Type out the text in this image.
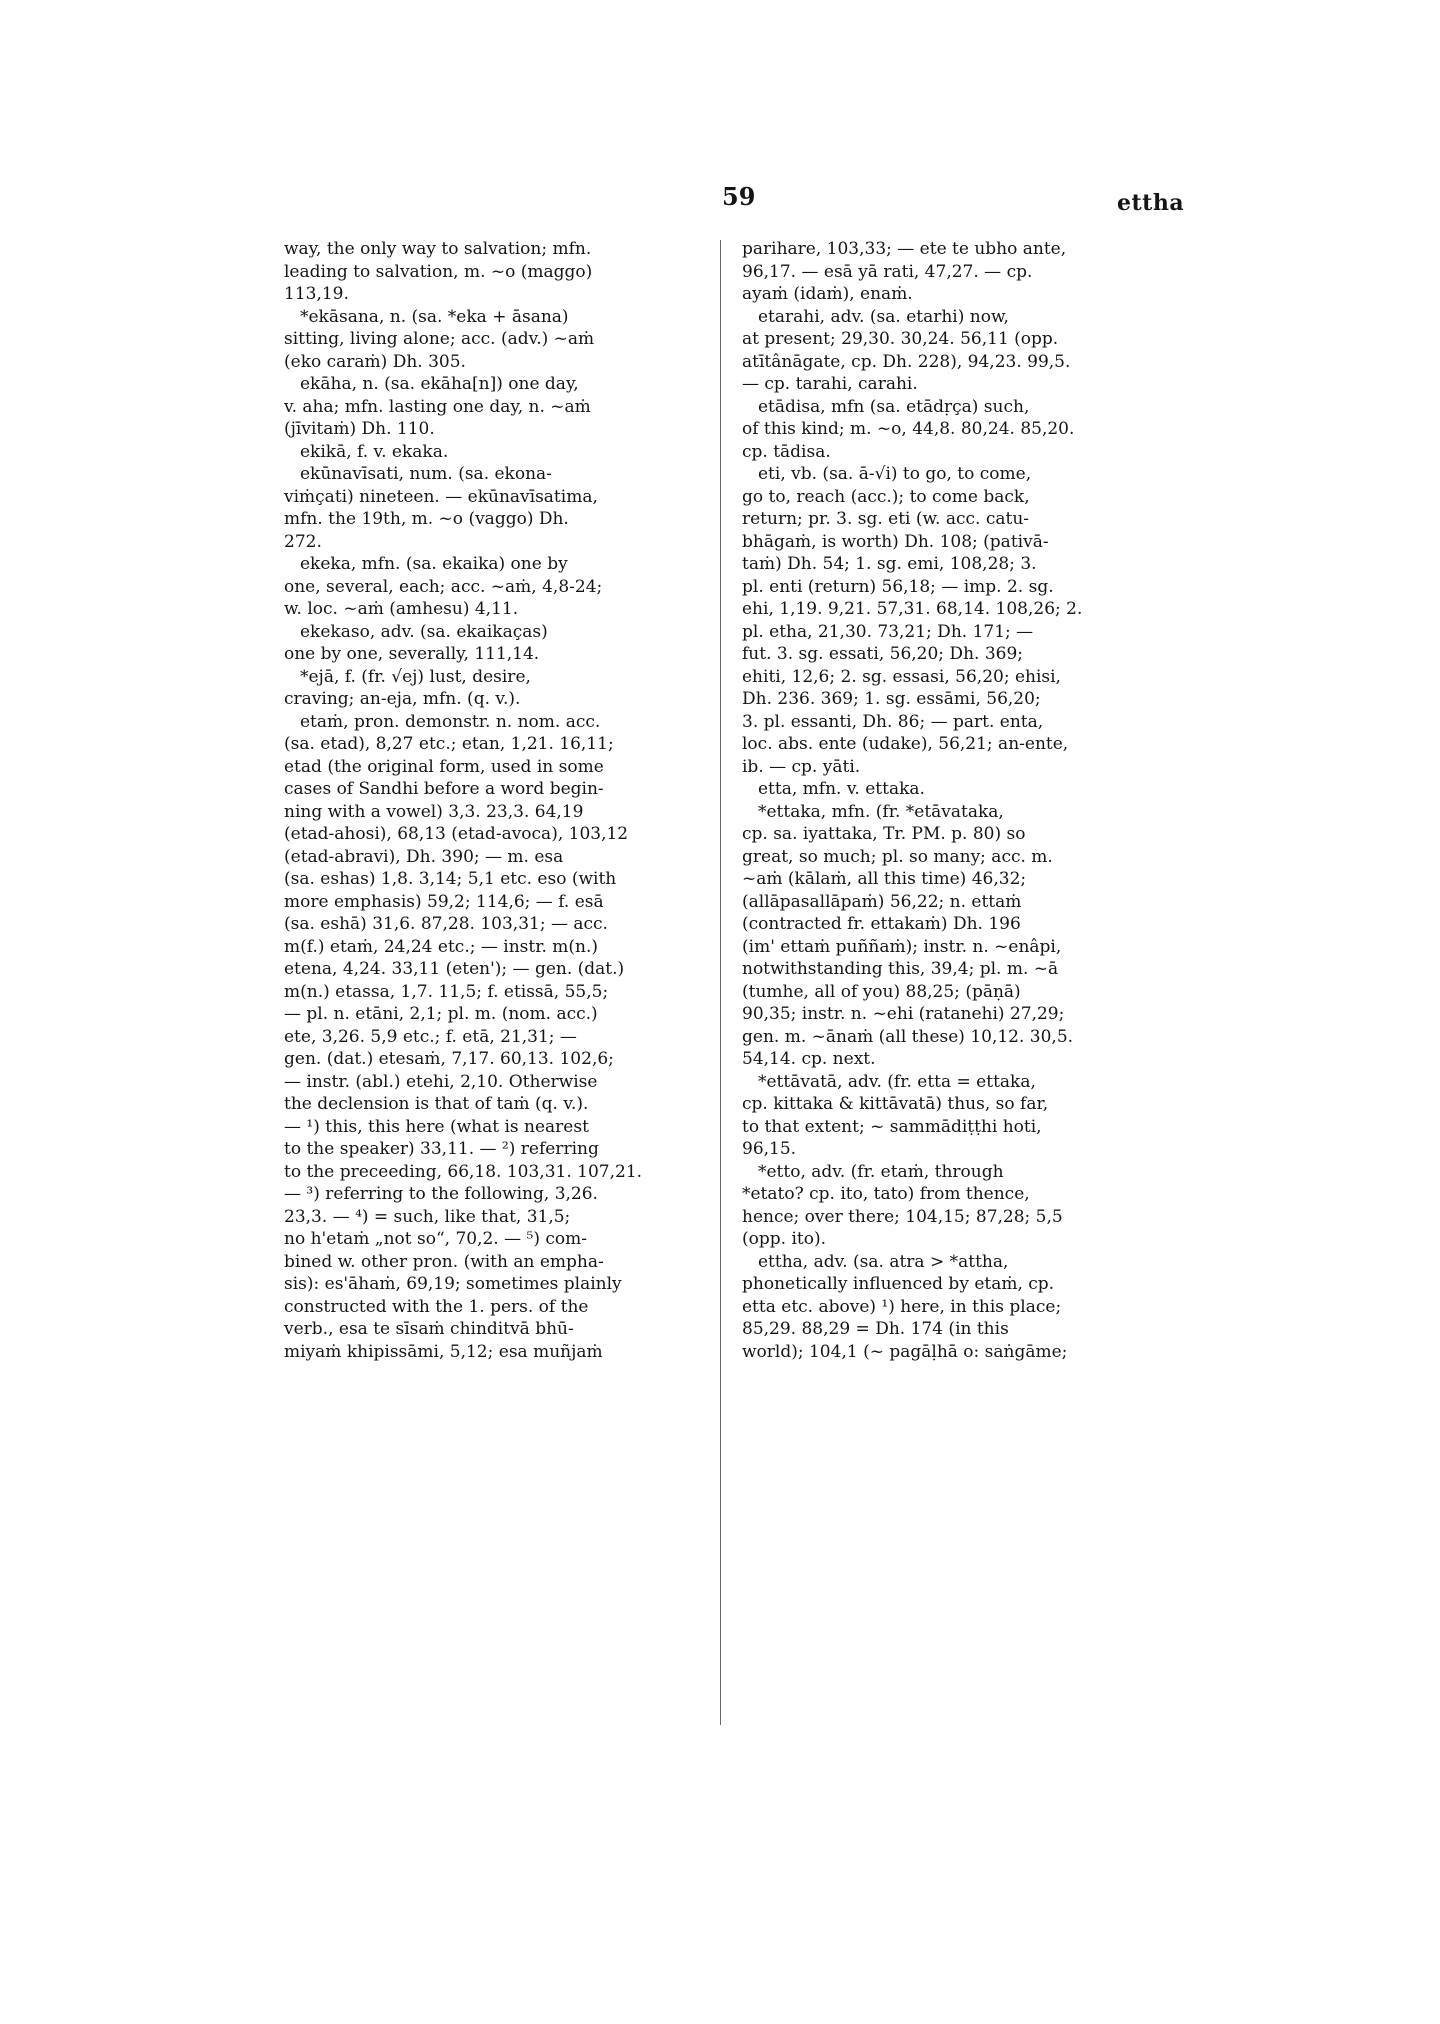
59	ettha
way, the only way to salvation; mfn.
leading to salvation, m. ~o (maggo)
113,19.
*ekāsana, n. (sa. *eka + āsana)
sitting, living alone; acc. (adv.) ~aṁ
(eko caraṁ) Dh. 305.
ekāha, n. (sa. ekāha[n]) one day,
v. aha; mfn. lasting one day, n. ~aṁ
(jīvitaṁ) Dh. 110.
ekikā, f. v. ekaka.
ekūnavīsati, num. (sa. ekona-
viṁçati) nineteen. — ekūnavīsatima,
mfn. the 19th, m. ~o (vaggo) Dh.
272.
ekeka, mfn. (sa. ekaika) one by
one, several, each; acc. ~aṁ, 4,8-24;
w. loc. ~aṁ (amhesu) 4,11.
ekekaso, adv. (sa. ekaikaças)
one by one, severally, 111,14.
*ejā, f. (fr. √ej) lust, desire,
craving; an-eja, mfn. (q. v.).
etaṁ, pron. demonstr. n. nom. acc.
(sa. etad), 8,27 etc.; etan, 1,21. 16,11;
etad (the original form, used in some
cases of Sandhi before a word begin-
ning with a vowel) 3,3. 23,3. 64,19
(etad-ahosi), 68,13 (etad-avoca), 103,12
(etad-abravi), Dh. 390; — m. esa
(sa. eshas) 1,8. 3,14; 5,1 etc. eso (with
more emphasis) 59,2; 114,6; — f. esā
(sa. eshā) 31,6. 87,28. 103,31; — acc.
m(f.) etaṁ, 24,24 etc.; — instr. m(n.)
etena, 4,24. 33,11 (eten'); — gen. (dat.)
m(n.) etassa, 1,7. 11,5; f. etissā, 55,5;
— pl. n. etāni, 2,1; pl. m. (nom. acc.)
ete, 3,26. 5,9 etc.; f. etā, 21,31; —
gen. (dat.) etesaṁ, 7,17. 60,13. 102,6;
— instr. (abl.) etehi, 2,10. Otherwise
the declension is that of taṁ (q. v.).
— ¹) this, this here (what is nearest
to the speaker) 33,11. — ²) referring
to the preceeding, 66,18. 103,31. 107,21.
— ³) referring to the following, 3,26.
23,3. — ⁴) = such, like that, 31,5;
no h'etaṁ „not so“, 70,2. — ⁵) com-
bined w. other pron. (with an empha-
sis): es'āhaṁ, 69,19; sometimes plainly
constructed with the 1. pers. of the
verb., esa te sīsaṁ chinditvā bhū-
miyaṁ khipissāmi, 5,12; esa muñjaṁ
parihare, 103,33; — ete te ubho ante,
96,17. — esā yā rati, 47,27. — cp.
ayaṁ (idaṁ), enaṁ.
etarahi, adv. (sa. etarhi) now,
at present; 29,30. 30,24. 56,11 (opp.
atītânāgate, cp. Dh. 228), 94,23. 99,5.
— cp. tarahi, carahi.
etādisa, mfn (sa. etādṛça) such,
of this kind; m. ~o, 44,8. 80,24. 85,20.
cp. tādisa.
eti, vb. (sa. ā-√i) to go, to come,
go to, reach (acc.); to come back,
return; pr. 3. sg. eti (w. acc. catu-
bhāgaṁ, is worth) Dh. 108; (pativā-
taṁ) Dh. 54; 1. sg. emi, 108,28; 3.
pl. enti (return) 56,18; — imp. 2. sg.
ehi, 1,19. 9,21. 57,31. 68,14. 108,26; 2.
pl. etha, 21,30. 73,21; Dh. 171; —
fut. 3. sg. essati, 56,20; Dh. 369;
ehiti, 12,6; 2. sg. essasi, 56,20; ehisi,
Dh. 236. 369; 1. sg. essāmi, 56,20;
3. pl. essanti, Dh. 86; — part. enta,
loc. abs. ente (udake), 56,21; an-ente,
ib. — cp. yāti.
etta, mfn. v. ettaka.
*ettaka, mfn. (fr. *etāvataka,
cp. sa. iyattaka, Tr. PM. p. 80) so
great, so much; pl. so many; acc. m.
~aṁ (kālaṁ, all this time) 46,32;
(allāpasallāpaṁ) 56,22; n. ettaṁ
(contracted fr. ettakaṁ) Dh. 196
(im' ettaṁ puññaṁ); instr. n. ~enâpi,
notwithstanding this, 39,4; pl. m. ~ā
(tumhe, all of you) 88,25; (pāṇā)
90,35; instr. n. ~ehi (ratanehi) 27,29;
gen. m. ~ānaṁ (all these) 10,12. 30,5.
54,14. cp. next.
*ettāvatā, adv. (fr. etta = ettaka,
cp. kittaka & kittāvatā) thus, so far,
to that extent; ~ sammādiṭṭhi hoti,
96,15.
*etto, adv. (fr. etaṁ, through
*etato? cp. ito, tato) from thence,
hence; over there; 104,15; 87,28; 5,5
(opp. ito).
ettha, adv. (sa. atra > *attha,
phonetically influenced by etaṁ, cp.
etta etc. above) ¹) here, in this place;
85,29. 88,29 = Dh. 174 (in this
world); 104,1 (~ pagāḷhā o: saṅgāme;
